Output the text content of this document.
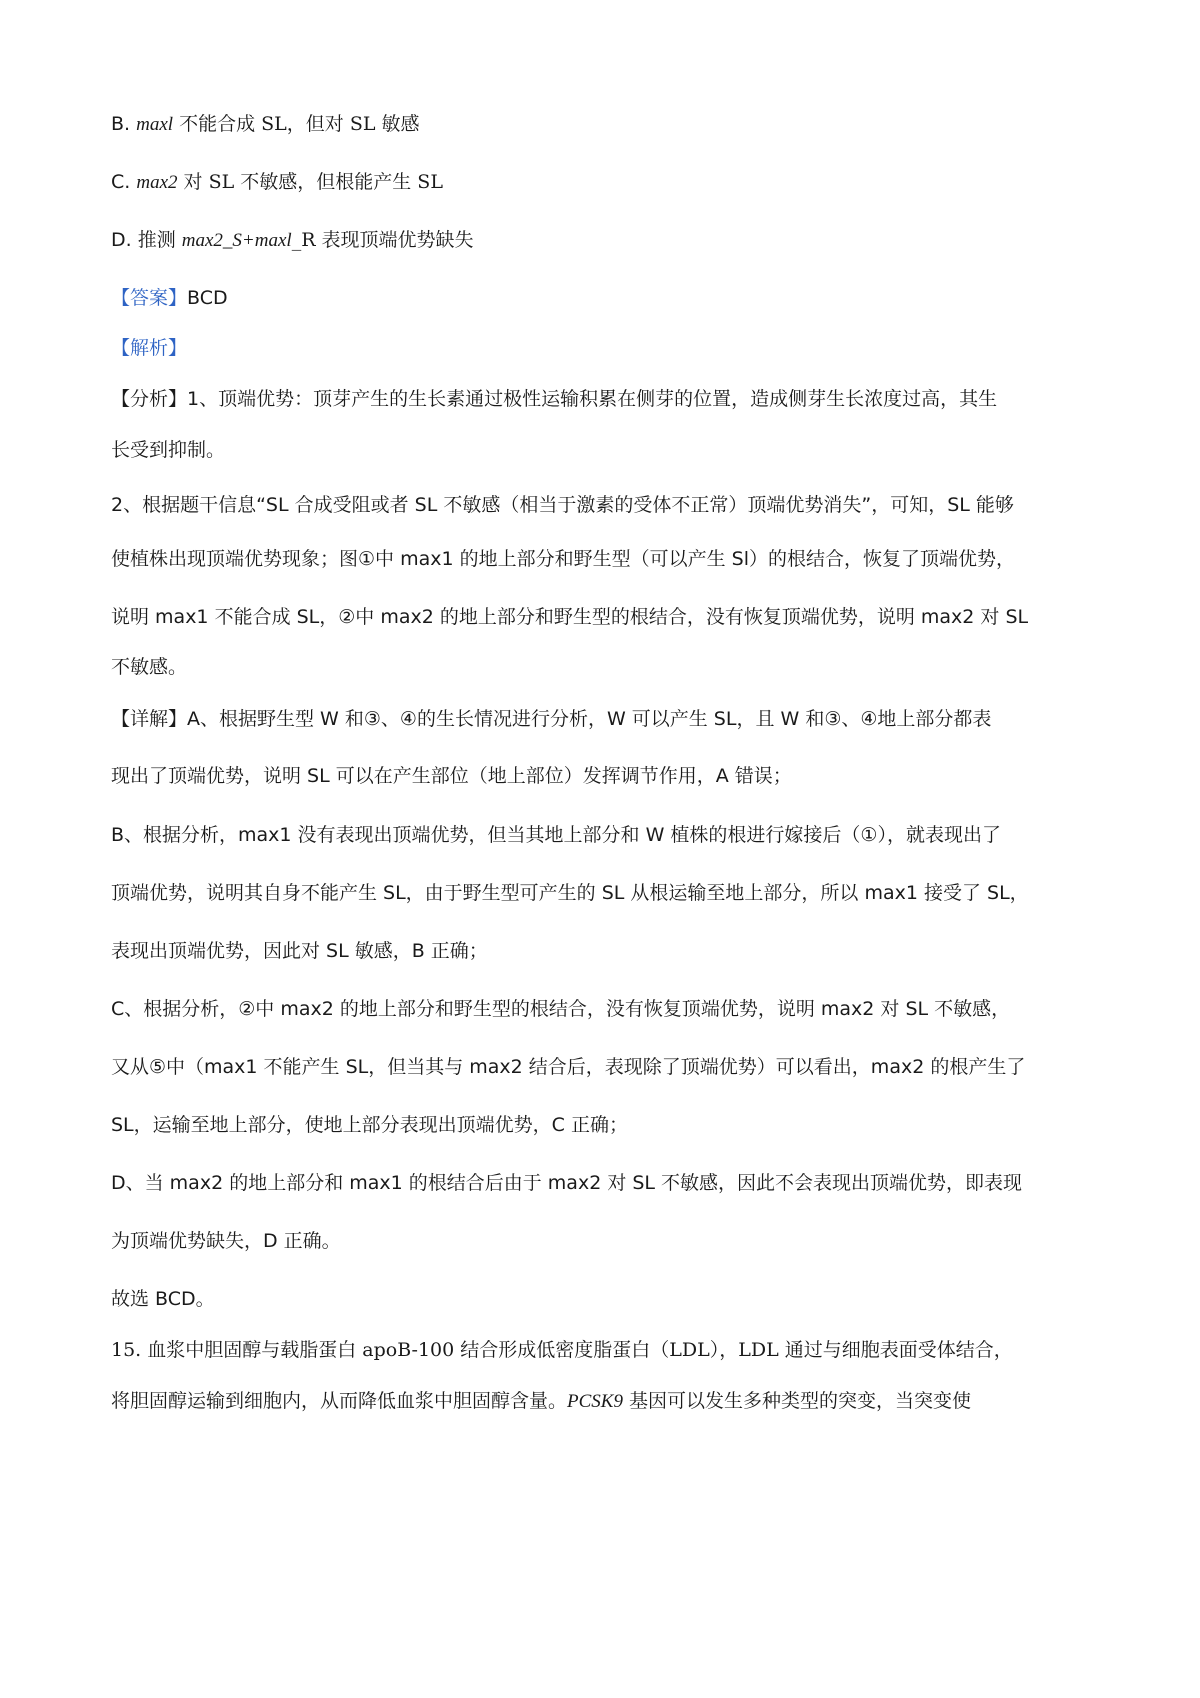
B. maxl 不能合成 SL，但对 SL 敏感
C. max2 对 SL 不敏感，但根能产生 SL
D. 推测 max2_S+maxl_R 表现顶端优势缺失
【答案】BCD
【解析】
【分析】1、顶端优势：顶芽产生的生长素通过极性运输积累在侧芽的位置，造成侧芽生长浓度过高，其生
长受到抑制。
2、根据题干信息“SL 合成受阻或者 SL 不敏感（相当于激素的受体不正常）顶端优势消失”，可知，SL 能够
使植株出现顶端优势现象；图①中 max1 的地上部分和野生型（可以产生 Sl）的根结合，恢复了顶端优势，
说明 max1 不能合成 SL，②中 max2 的地上部分和野生型的根结合，没有恢复顶端优势，说明 max2 对 SL
不敏感。
【详解】A、根据野生型 W 和③、④的生长情况进行分析，W 可以产生 SL，且 W 和③、④地上部分都表
现出了顶端优势，说明 SL 可以在产生部位（地上部位）发挥调节作用，A 错误；
B、根据分析，max1 没有表现出顶端优势，但当其地上部分和 W 植株的根进行嫁接后（①），就表现出了
顶端优势，说明其自身不能产生 SL，由于野生型可产生的 SL 从根运输至地上部分，所以 max1 接受了 SL，
表现出顶端优势，因此对 SL 敏感，B 正确；
C、根据分析，②中 max2 的地上部分和野生型的根结合，没有恢复顶端优势，说明 max2 对 SL 不敏感，
又从⑤中（max1 不能产生 SL，但当其与 max2 结合后，表现除了顶端优势）可以看出，max2 的根产生了
SL，运输至地上部分，使地上部分表现出顶端优势，C 正确；
D、当 max2 的地上部分和 max1 的根结合后由于 max2 对 SL 不敏感，因此不会表现出顶端优势，即表现
为顶端优势缺失，D 正确。
故选 BCD。
15. 血浆中胆固醇与载脂蛋白 apoB-100 结合形成低密度脂蛋白（LDL），LDL 通过与细胞表面受体结合，
将胆固醇运输到细胞内，从而降低血浆中胆固醇含量。PCSK9 基因可以发生多种类型的突变，当突变使
